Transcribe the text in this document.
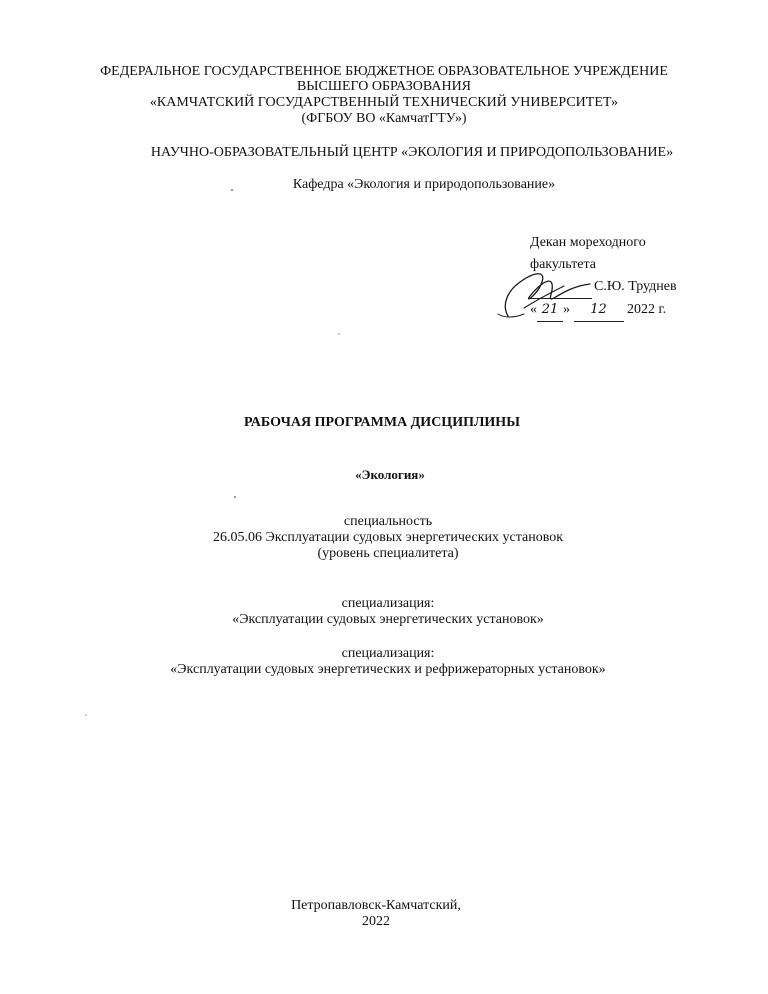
ФЕДЕРАЛЬНОЕ ГОСУДАРСТВЕННОЕ БЮДЖЕТНОЕ ОБРАЗОВАТЕЛЬНОЕ УЧРЕЖДЕНИЕ
ВЫСШЕГО ОБРАЗОВАНИЯ
«КАМЧАТСКИЙ ГОСУДАРСТВЕННЫЙ ТЕХНИЧЕСКИЙ УНИВЕРСИТЕТ»
(ФГБОУ ВО «КамчатГТУ»)
НАУЧНО-ОБРАЗОВАТЕЛЬНЫЙ ЦЕНТР «ЭКОЛОГИЯ И ПРИРОДОПОЛЬЗОВАНИЕ»
Кафедра «Экология и природопользование»
Декан мореходного
факультета
С.Ю. Труднев
« 21 » 12 2022 г.
РАБОЧАЯ ПРОГРАММА ДИСЦИПЛИНЫ
«Экология»
специальность
26.05.06 Эксплуатации судовых энергетических установок
(уровень специалитета)
специализация:
«Эксплуатации судовых энергетических установок»
специализация:
«Эксплуатации судовых энергетических и рефрижераторных установок»
Петропавловск-Камчатский,
2022
